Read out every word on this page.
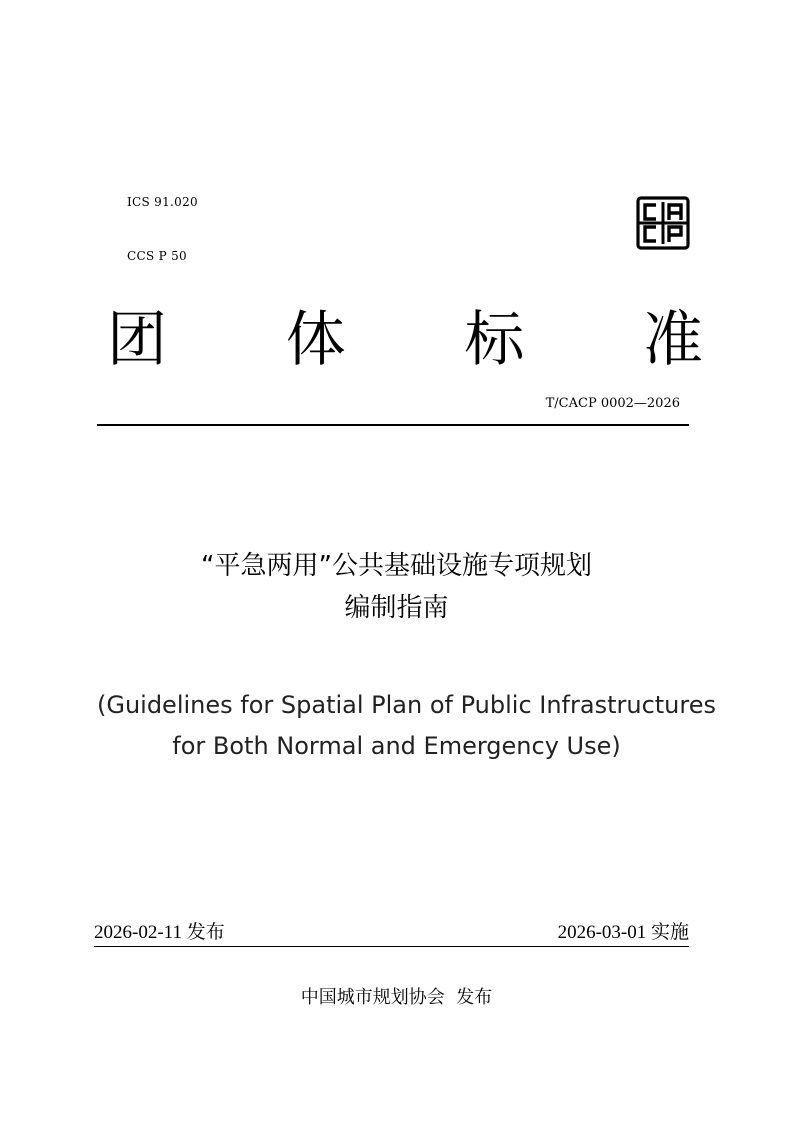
ICS 91.020

CCS P 50

团 体 标 准
T/CACP 0002—2026
“平急两用”公共基础设施专项规划
编制指南
(Guidelines for Spatial Plan of Public Infrastructures
for Both Normal and Emergency Use)
2026-02-11 发布	2026-03-01 实施
中国城市规划协会  发布
